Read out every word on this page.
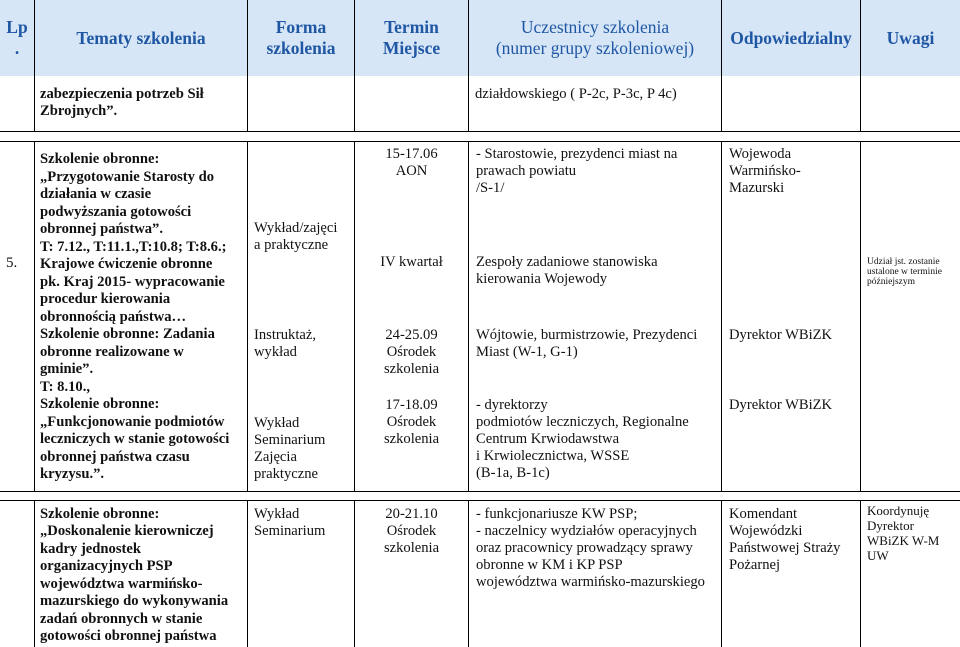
Lp
.
Tematy szkolenia
Forma
szkolenia
Termin
Miejsce
Uczestnicy szkolenia
(numer grupy szkoleniowej)
Odpowiedzialny	Uwagi
zabezpieczenia potrzeb Sił
Zbrojnych”.
działdowskiego ( P-2c, P-3c, P 4c)
5.
Szkolenie obronne:
„Przygotowanie Starosty do
działania w czasie
podwyższania gotowości
obronnej państwa”.
T: 7.12., T:11.1.,T:10.8; T:8.6.;
Krajowe ćwiczenie obronne
pk. Kraj 2015- wypracowanie
procedur kierowania
obronnością państwa…
Szkolenie obronne: Zadania
obronne realizowane w
gminie”.
T: 8.10.,
Szkolenie obronne:
„Funkcjonowanie podmiotów
leczniczych w stanie gotowości
obronnej państwa czasu
kryzysu.”.
Wykład/zajęci
a praktyczne
Instruktaż,
wykład
Wykład
Seminarium
Zajęcia
praktyczne
15-17.06
AON
IV kwartał
24-25.09
Ośrodek
szkolenia
17-18.09
Ośrodek
szkolenia
- Starostowie, prezydenci miast na
prawach powiatu
/S-1/
Zespoły zadaniowe stanowiska
kierowania Wojewody
Wójtowie, burmistrzowie, Prezydenci
Miast (W-1, G-1)
- dyrektorzy
podmiotów leczniczych, Regionalne
Centrum Krwiodawstwa
i Krwiolecznictwa, WSSE
(B-1a, B-1c)
Wojewoda
Warmińsko-
Mazurski
Dyrektor WBiZK
Dyrektor WBiZK
Udział jst. zostanie
ustalone w terminie
późniejszym
Szkolenie obronne:
„Doskonalenie kierowniczej
kadry jednostek
organizacyjnych PSP
województwa warmińsko-
mazurskiego do wykonywania
zadań obronnych w stanie
gotowości obronnej państwa
Wykład
Seminarium
20-21.10
Ośrodek
szkolenia
- funkcjonariusze KW PSP;
- naczelnicy wydziałów operacyjnych
oraz pracownicy prowadzący sprawy
obronne w KM i KP PSP
województwa warmińsko-mazurskiego
Komendant
Wojewódzki
Państwowej Straży
Pożarnej
Koordynuję
Dyrektor
WBiZK W-M
UW
